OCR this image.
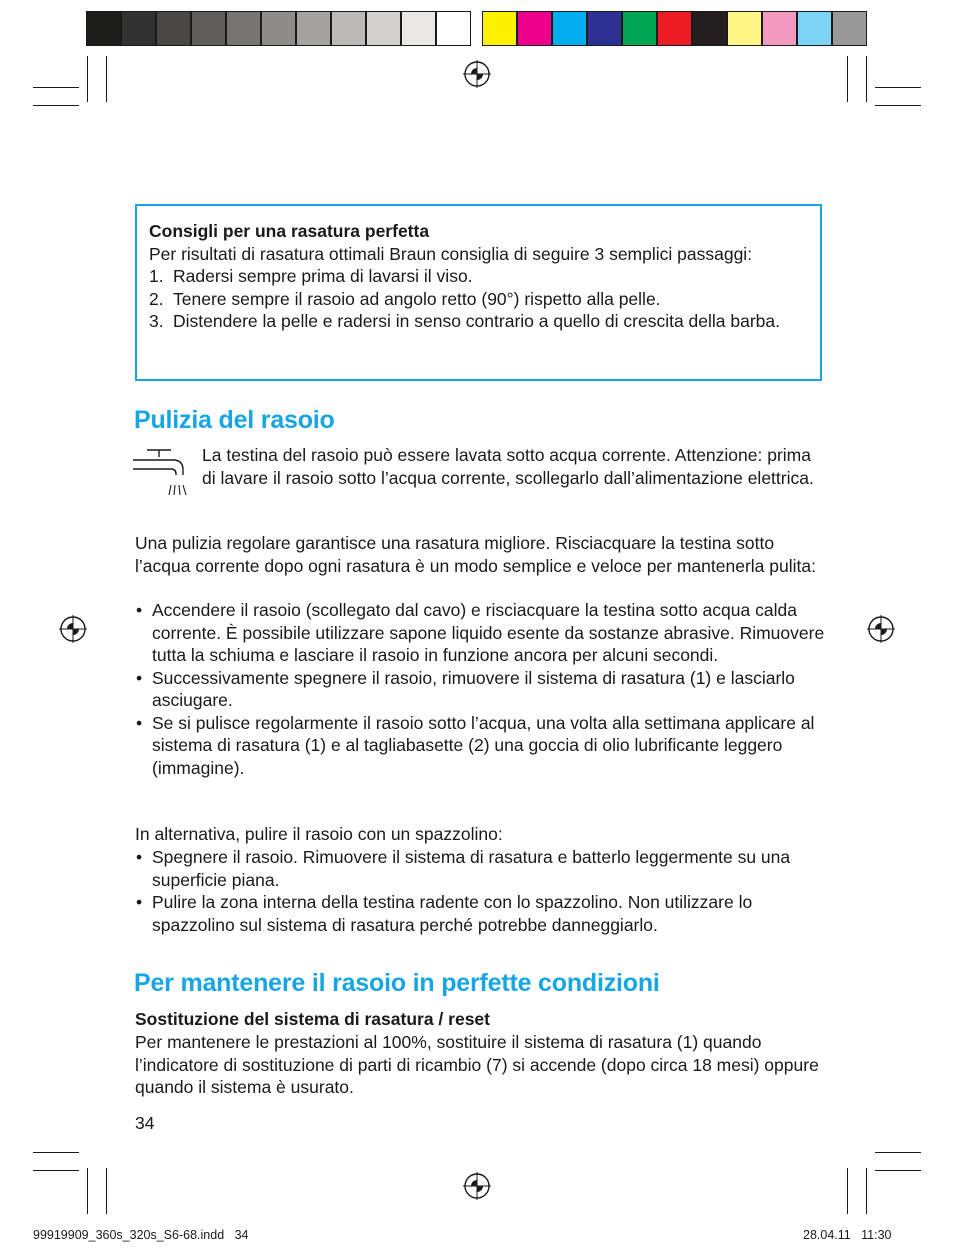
Consigli per una rasatura perfetta
Per risultati di rasatura ottimali Braun consiglia di seguire 3 semplici passaggi:
1. Radersi sempre prima di lavarsi il viso.
2. Tenere sempre il rasoio ad angolo retto (90°) rispetto alla pelle.
3. Distendere la pelle e radersi in senso contrario a quello di crescita della barba.
Pulizia del rasoio
La testina del rasoio può essere lavata sotto acqua corrente. Attenzione: prima di lavare il rasoio sotto l’acqua corrente, scollegarlo dall’alimentazione elettrica.

Una pulizia regolare garantisce una rasatura migliore. Risciacquare la testina sotto l’acqua corrente dopo ogni rasatura è un modo semplice e veloce per mantenerla pulita:

• Accendere il rasoio (scollegato dal cavo) e risciacquare la testina sotto acqua calda corrente. È possibile utilizzare sapone liquido esente da sostanze abrasive. Rimuovere tutta la schiuma e lasciare il rasoio in funzione ancora per alcuni secondi.
• Successivamente spegnere il rasoio, rimuovere il sistema di rasatura (1) e lasciarlo asciugare.
• Se si pulisce regolarmente il rasoio sotto l’acqua, una volta alla settimana applicare al sistema di rasatura (1) e al tagliabasette (2) una goccia di olio lubrificante leggero (immagine).

In alternativa, pulire il rasoio con un spazzolino:

• Spegnere il rasoio. Rimuovere il sistema di rasatura e batterlo leggermente su una superficie piana.
• Pulire la zona interna della testina radente con lo spazzolino. Non utilizzare lo spazzolino sul sistema di rasatura perché potrebbe danneggiarlo.
Per mantenere il rasoio in perfette condizioni
Sostituzione del sistema di rasatura / reset

Per mantenere le prestazioni al 100%, sostituire il sistema di rasatura (1) quando l’indicatore di sostituzione di parti di ricambio (7) si accende (dopo circa 18 mesi) oppure quando il sistema è usurato.

34
99919909_360s_320s_S6-68.indd   34	28.04.11   11:30
